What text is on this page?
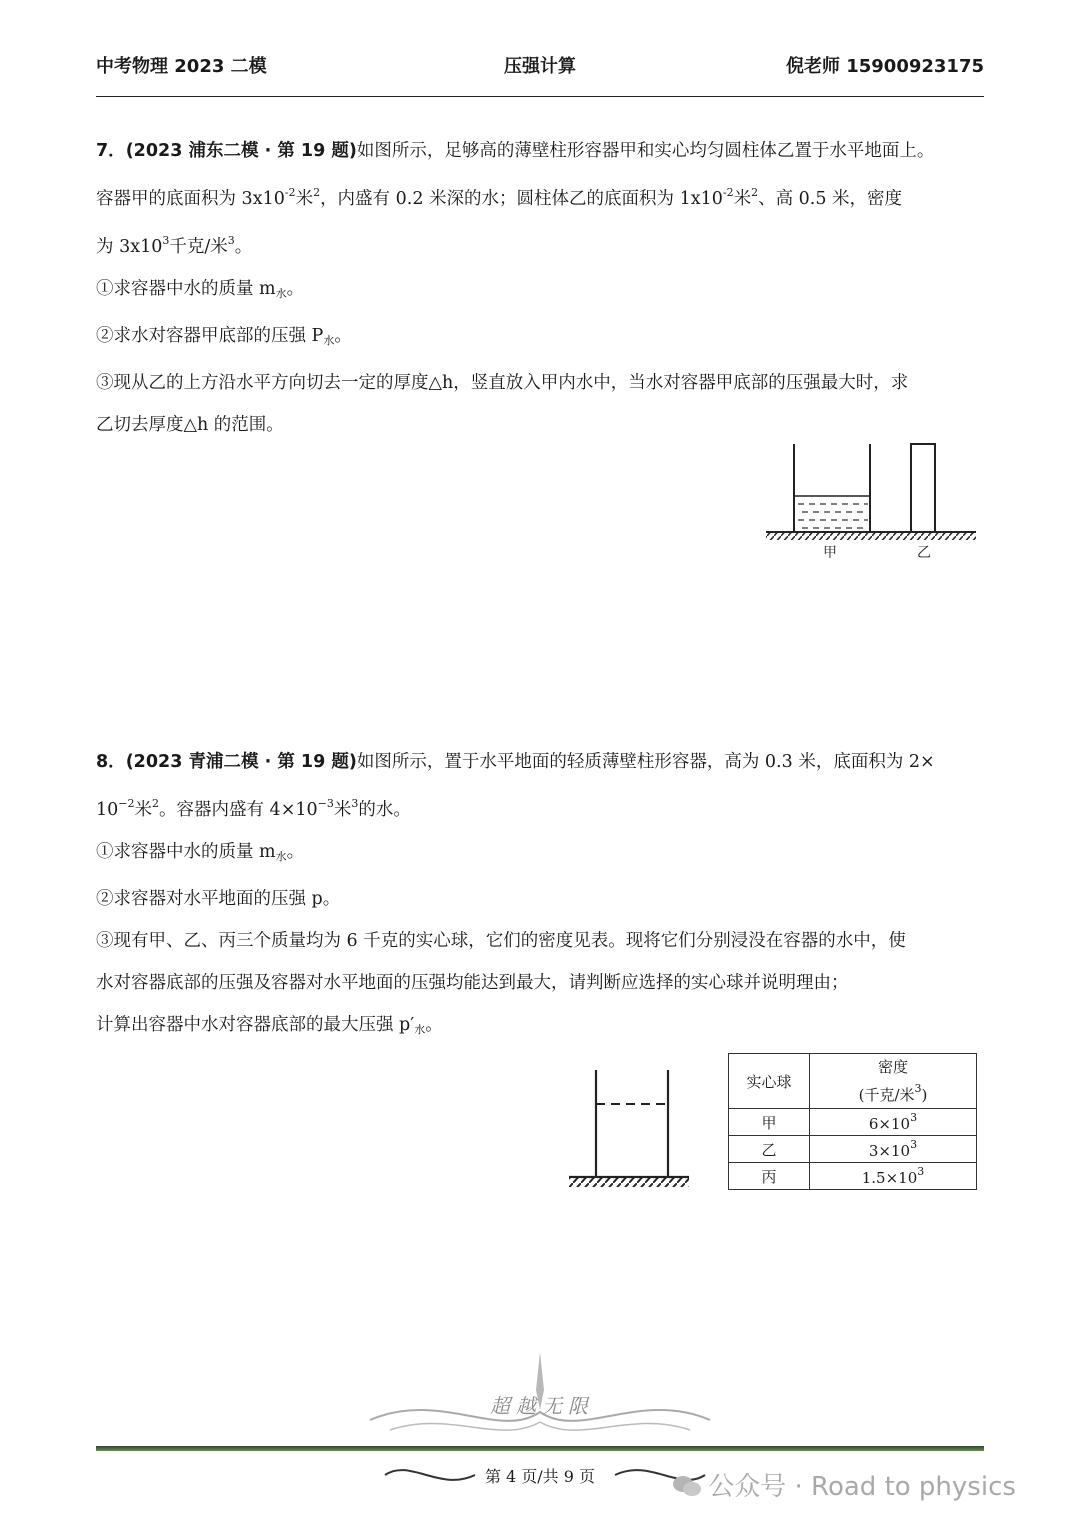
中考物理 2023 二模	压强计算	倪老师 15900923175
7．(2023 浦东二模 · 第 19 题)如图所示，足够高的薄壁柱形容器甲和实心均匀圆柱体乙置于水平地面上。
容器甲的底面积为 $3x10^{-2}$米$^2$，内盛有 0.2 米深的水；圆柱体乙的底面积为 $1x10^{-2}$米$^2$、高 0.5 米，密度
为 $3x10^3$千克/米$^3$。
①求容器中水的质量 $m_水$。
②求水对容器甲底部的压强 $P_水$。
③现从乙的上方沿水平方向切去一定的厚度△h，竖直放入甲内水中，当水对容器甲底部的压强最大时，求
乙切去厚度△h 的范围。
甲	乙
8．(2023 青浦二模 · 第 19 题)如图所示，置于水平地面的轻质薄壁柱形容器，高为 0.3 米，底面积为 2×
$10^{-2}$米$^2$。容器内盛有 $4\times 10^{-3}$米$^3$的水。
①求容器中水的质量 $m_水$。
②求容器对水平地面的压强 p。
③现有甲、乙、丙三个质量均为 6 千克的实心球，它们的密度见表。现将它们分别浸没在容器的水中，使
水对容器底部的压强及容器对水平地面的压强均能达到最大，请判断应选择的实心球并说明理由；
计算出容器中水对容器底部的最大压强 $p'_水$。
实心球	密度
(千克/米$^3$)

甲	$6\times 10^3$
乙	$3\times 10^3$
丙	$1.5\times 10^3$
超越无限
第 4 页/共 9 页	公众号 · Road to physics
